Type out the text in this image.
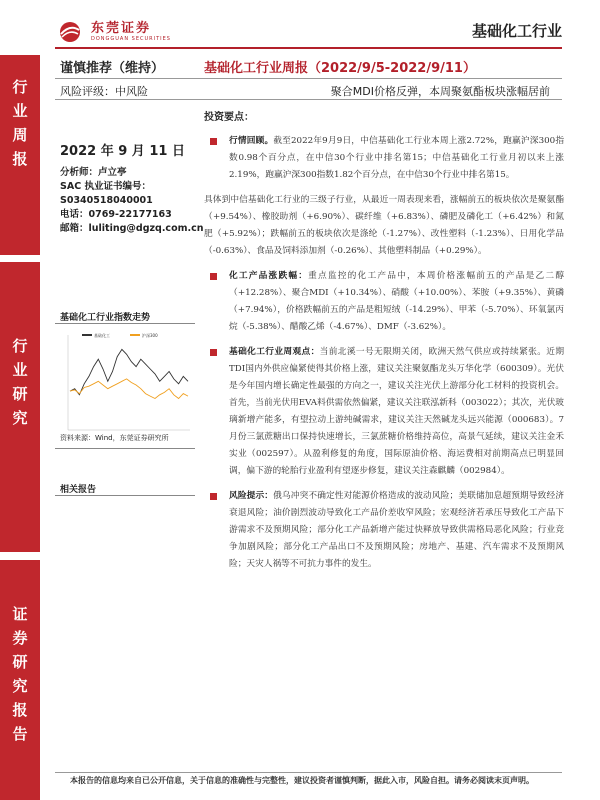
东莞证券
DONGGUAN SECURITIES	基础化工行业
行业周报
行业研究
证券研究报告
谨慎推荐（维持）	基础化工行业周报（2022/9/5-2022/9/11）
风险评级：中风险	聚合MDI价格反弹，本周聚氨酯板块涨幅居前
2022 年 9 月 11 日
分析师：卢立亭
SAC 执业证书编号：
S0340518040001
电话：0769-22177163
邮箱：luliting@dgzq.com.cn
基础化工行业指数走势
基础化工	沪深300
资料来源：Wind，东莞证券研究所
相关报告
投资要点：
行情回顾。截至2022年9月9日，中信基础化工行业本周上涨2.72%，跑赢沪深300指数0.98个百分点，在中信30个行业中排名第15；中信基础化工行业月初以来上涨2.19%，跑赢沪深300指数1.82个百分点，在中信30个行业中排名第15。
具体到中信基础化工行业的三级子行业，从最近一周表现来看，涨幅前五的板块依次是聚氨酯（+9.54%）、橡胶助剂（+6.90%）、碳纤维（+6.83%）、磷肥及磷化工（+6.42%）和氮肥（+5.92%）；跌幅前五的板块依次是涤纶（-1.27%）、改性塑料（-1.23%）、日用化学品（-0.63%）、食品及饲料添加剂（-0.26%）、其他塑料制品（+0.29%）。
化工产品涨跌幅：重点监控的化工产品中，本周价格涨幅前五的产品是乙二醇（+12.28%）、聚合MDI（+10.34%）、硝酸（+10.00%）、苯胺（+9.35%）、黄磷（+7.94%），价格跌幅前五的产品是粗短绒（-14.29%）、甲苯（-5.70%）、环氧氯丙烷（-5.38%）、醋酸乙烯（-4.67%）、DMF（-3.62%）。
基础化工行业周观点：当前北溪一号无限期关闭，欧洲天然气供应或持续紧张。近期TDI国内外供应偏紧使得其价格上涨，建议关注聚氨酯龙头万华化学（600309）。光伏是今年国内增长确定性最强的方向之一，建议关注光伏上游部分化工材料的投资机会。首先，当前光伏用EVA料供需依然偏紧，建议关注联泓新科（003022）；其次，光伏玻璃新增产能多，有望拉动上游纯碱需求，建议关注天然碱龙头远兴能源（000683）。7月份三氯蔗糖出口保持快速增长，三氯蔗糖价格维持高位，高景气延续，建议关注金禾实业（002597）。从盈利修复的角度，国际原油价格、海运费相对前期高点已明显回调，偏下游的轮胎行业盈利有望逐步修复，建议关注森麒麟（002984）。
风险提示：俄乌冲突不确定性对能源价格造成的波动风险；美联储加息超预期导致经济衰退风险；油价剧烈波动导致化工产品价差收窄风险；宏观经济若承压导致化工产品下游需求不及预期风险；部分化工产品新增产能过快释放导致供需格局恶化风险；行业竞争加剧风险；部分化工产品出口不及预期风险；房地产、基建、汽车需求不及预期风险；天灾人祸等不可抗力事件的发生。
本报告的信息均来自已公开信息，关于信息的准确性与完整性，建议投资者谨慎判断，据此入市，风险自担。请务必阅读末页声明。
